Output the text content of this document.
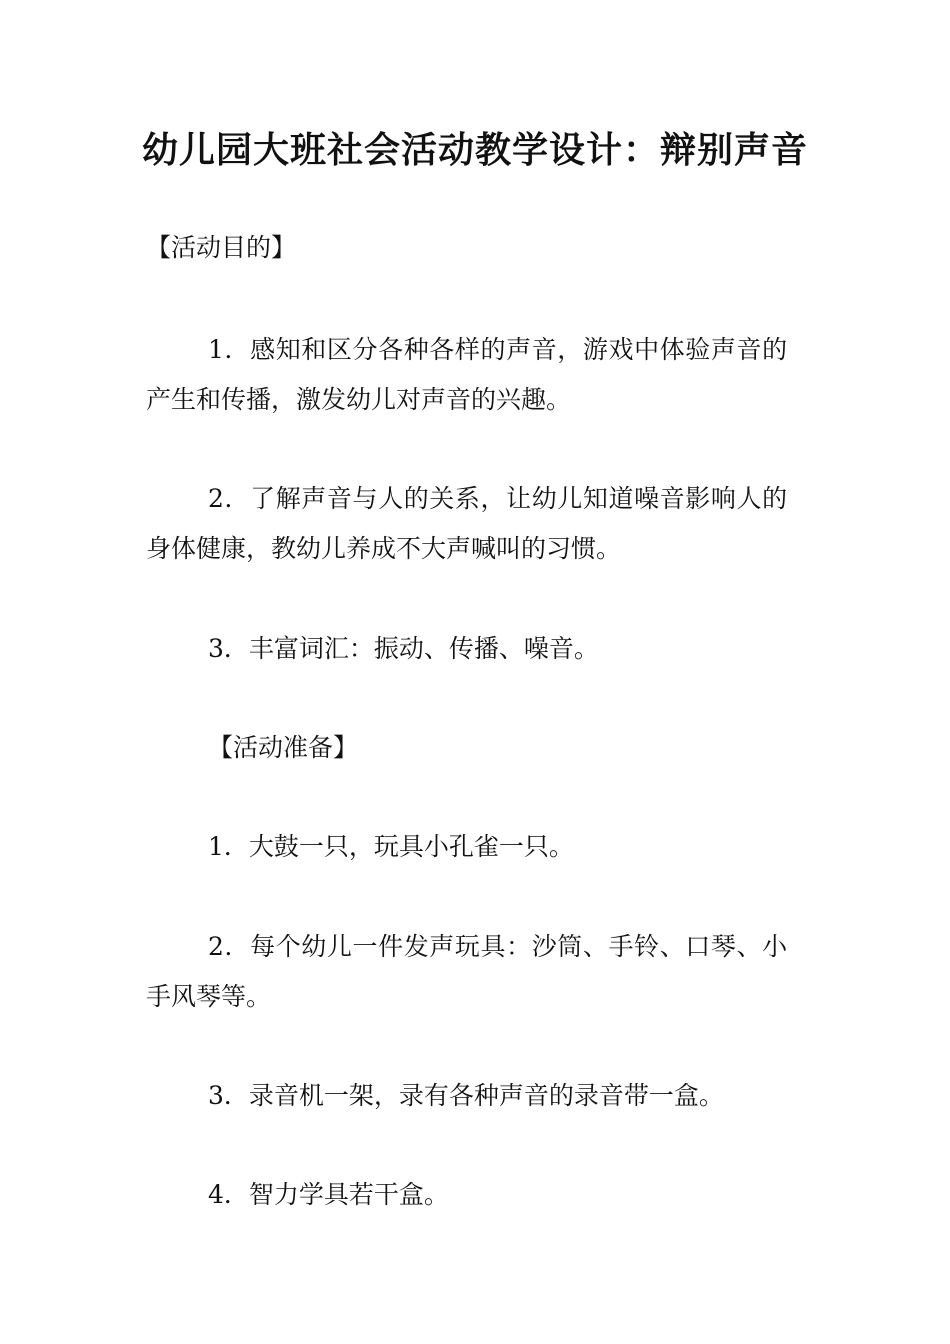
幼儿园大班社会活动教学设计：辩别声音

【活动目的】

1．感知和区分各种各样的声音，游戏中体验声音的

产生和传播，激发幼儿对声音的兴趣。

2．了解声音与人的关系，让幼儿知道噪音影响人的

身体健康，教幼儿养成不大声喊叫的习惯。

3．丰富词汇：振动、传播、噪音。

【活动准备】

1．大鼓一只，玩具小孔雀一只。

2．每个幼儿一件发声玩具：沙筒、手铃、口琴、小

手风琴等。

3．录音机一架，录有各种声音的录音带一盒。

4．智力学具若干盒。
